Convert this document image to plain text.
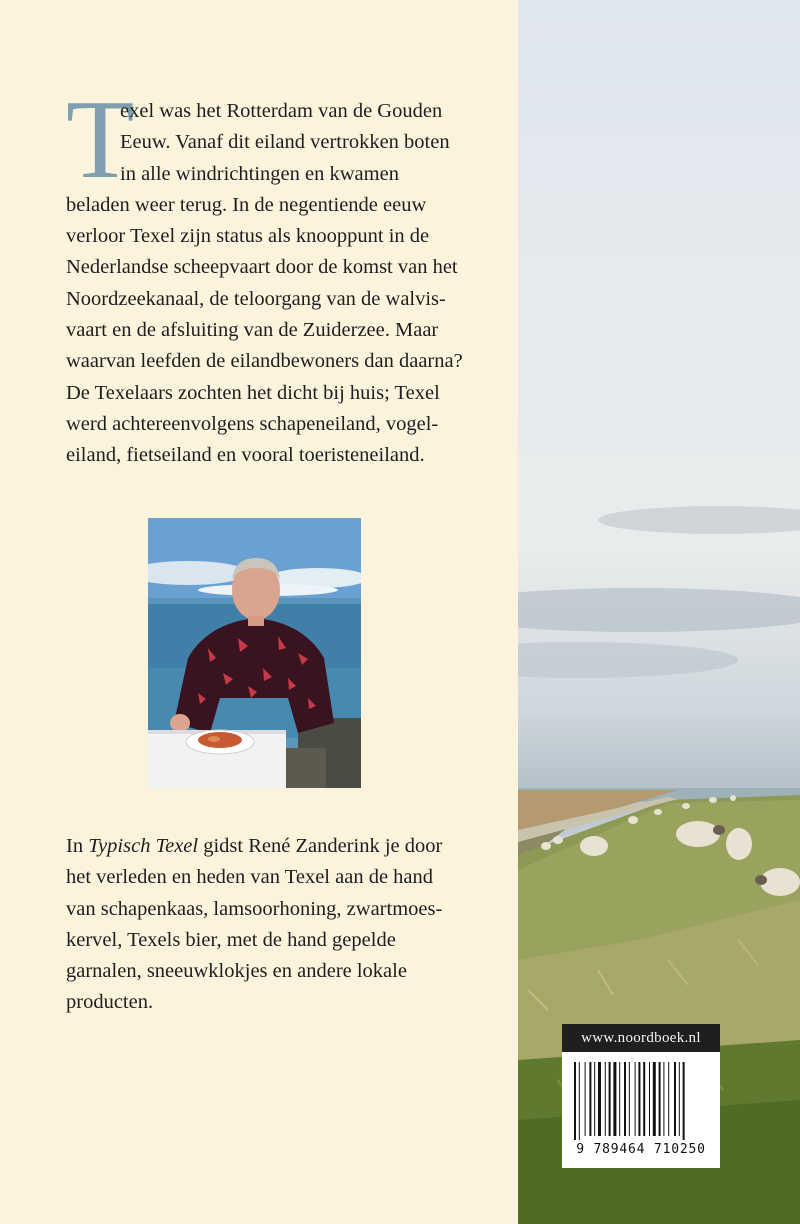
T
exel was het Rotterdam van de Gouden
Eeuw. Vanaf dit eiland vertrokken boten
in alle windrichtingen en kwamen
beladen weer terug. In de negentiende eeuw
verloor Texel zijn status als knooppunt in de
Nederlandse scheepvaart door de komst van het
Noordzeekanaal, de teloorgang van de walvis-
vaart en de afsluiting van de Zuiderzee. Maar
waarvan leefden de eilandbewoners dan daarna?
De Texelaars zochten het dicht bij huis; Texel
werd achtereenvolgens schapeneiland, vogel-
eiland, fietseiland en vooral toeristeneiland.
In Typisch Texel gidst René Zanderink je door
het verleden en heden van Texel aan de hand
van schapenkaas, lamsoorhoning, zwartmoes-
kervel, Texels bier, met de hand gepelde
garnalen, sneeuwklokjes en andere lokale
producten.
www.noordboek.nl
9 789464 710250
